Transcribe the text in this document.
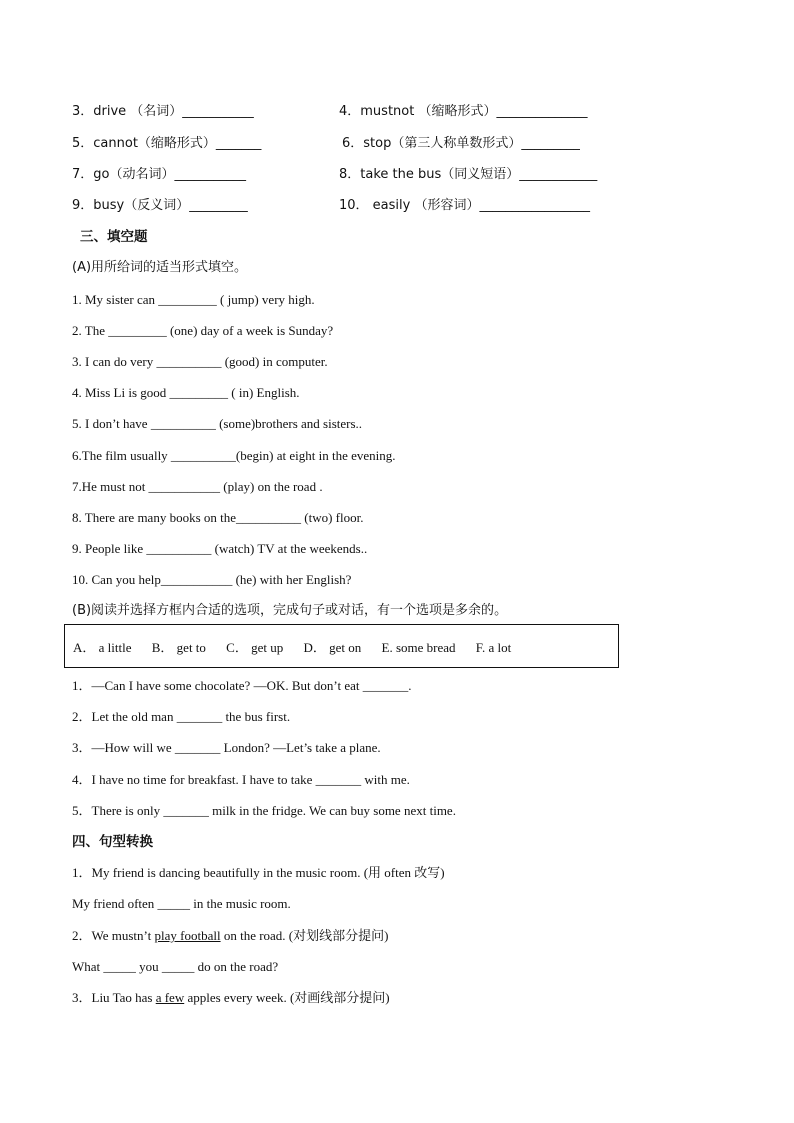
3．drive （名词）___________	4．mustnot （缩略形式）______________
5．cannot（缩略形式）_______	6．stop（第三人称单数形式）_________
7．go（动名词）___________	8．take the bus（同义短语）____________
9．busy（反义词）_________	10． easily （形容词）_________________
三、填空题
(A)用所给词的适当形式填空。
1. My sister can _________ ( jump) very high.
2. The _________ (one) day of a week is Sunday?
3. I can do very __________ (good) in computer.
4. Miss Li is good _________ ( in) English.
5. I don’t have __________ (some)brothers and sisters..
6.The film usually __________(begin) at eight in the evening.
7.He must not ___________ (play) on the road .
8. There are many books on the__________ (two) floor.
9. People like __________ (watch) TV at the weekends..
10. Can you help___________ (he) with her English?
(B)阅读并选择方框内合适的选项，完成句子或对话，有一个选项是多余的。
A． a little B． get to C． get up D． get on E. some bread F. a lot
1．—Can I have some chocolate? —OK. But don’t eat _______.
2．Let the old man _______ the bus first.
3．—How will we _______ London? —Let’s take a plane.
4．I have no time for breakfast. I have to take _______ with me.
5．There is only _______ milk in the fridge. We can buy some next time.
四、句型转换
1．My friend is dancing beautifully in the music room. (用 often 改写)
My friend often _____ in the music room.
2．We mustn’t play football on the road. (对划线部分提问)
What _____ you _____ do on the road?
3．Liu Tao has a few apples every week. (对画线部分提问)
